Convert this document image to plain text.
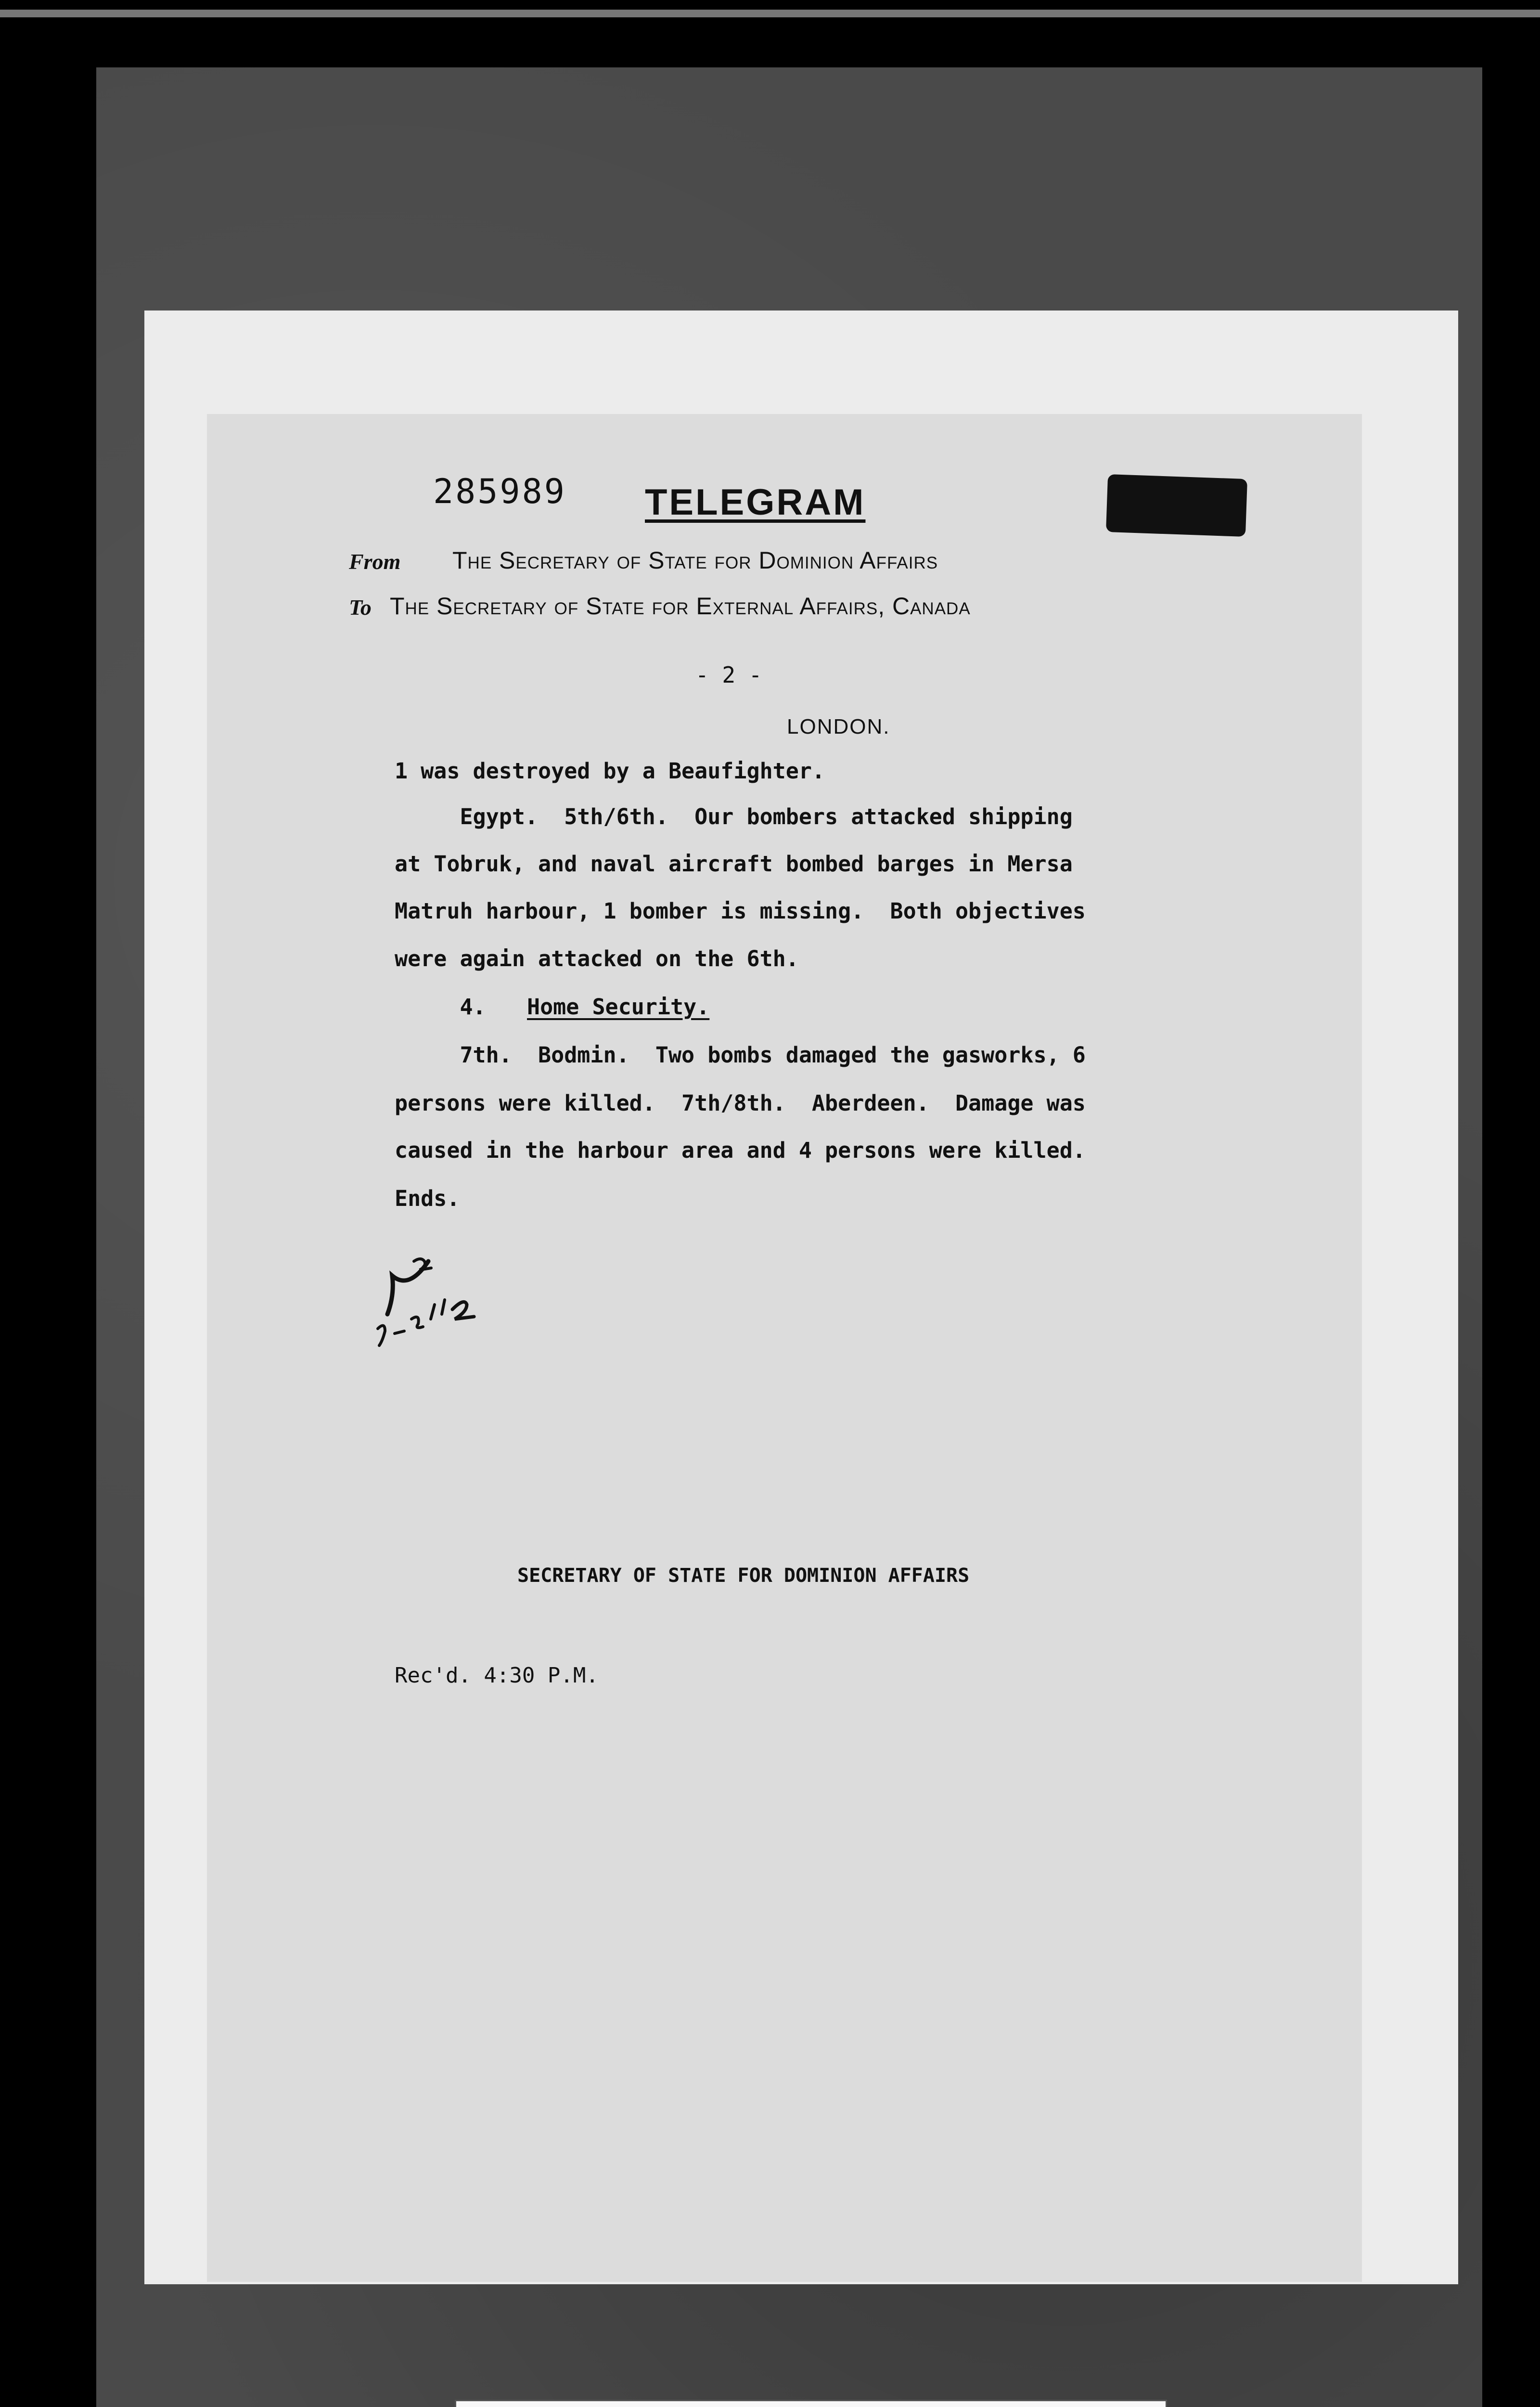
285989 TELEGRAM
From The Secretary of State for Dominion Affairs
To The Secretary of State for External Affairs, Canada
- 2 -
LONDON.
1 was destroyed by a Beaufighter.
Egypt.  5th/6th.  Our bombers attacked shipping
at Tobruk, and naval aircraft bombed barges in Mersa
Matruh harbour, 1 bomber is missing.  Both objectives
were again attacked on the 6th.
4. Home Security.
7th.  Bodmin.  Two bombs damaged the gasworks, 6
persons were killed.  7th/8th.  Aberdeen.  Damage was
caused in the harbour area and 4 persons were killed.
Ends.
SECRETARY OF STATE FOR DOMINION AFFAIRS
Rec'd. 4:30 P.M.
